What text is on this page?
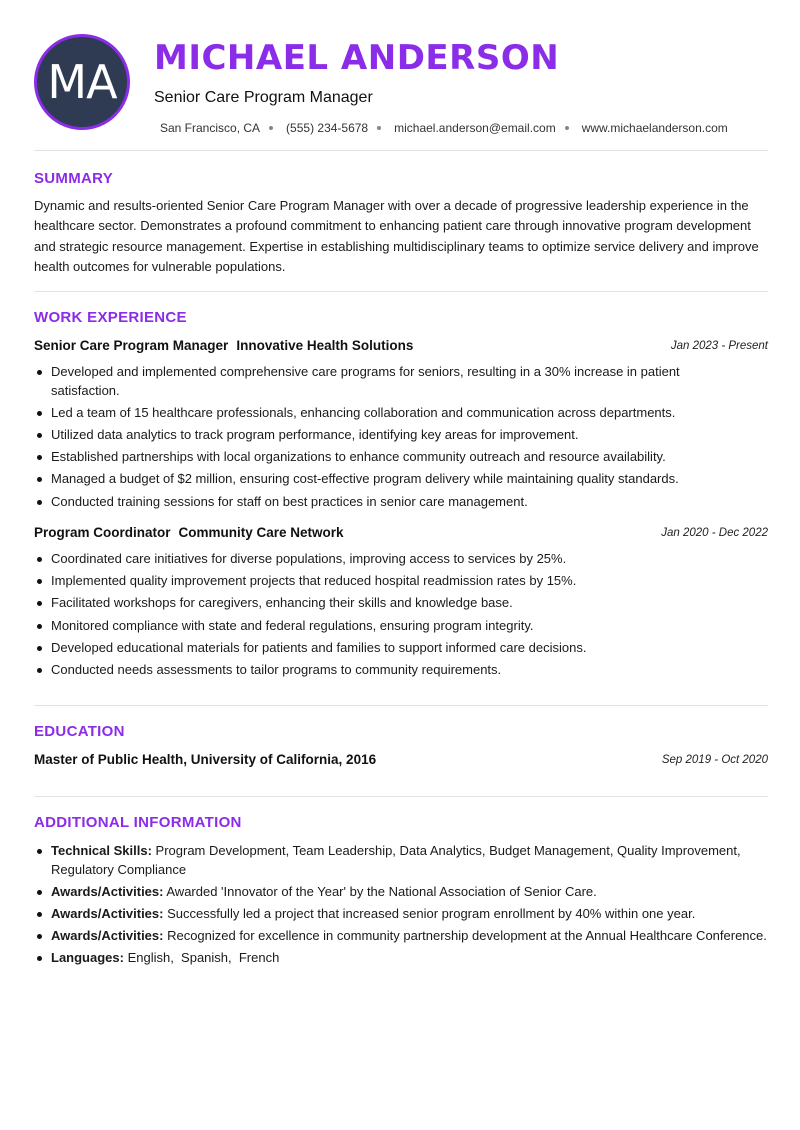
MA MICHAEL ANDERSON
Senior Care Program Manager
San Francisco, CA (555) 234-5678 michael.anderson@email.com www.michaelanderson.com
SUMMARY

Dynamic and results-oriented Senior Care Program Manager with over a decade of progressive leadership experience in the healthcare sector. Demonstrates a profound commitment to enhancing patient care through innovative program development and strategic resource management. Expertise in establishing multidisciplinary teams to optimize service delivery and improve health outcomes for vulnerable populations.

WORK EXPERIENCE
Senior Care Program Manager Innovative Health Solutions	Jan 2023 - Present
Developed and implemented comprehensive care programs for seniors, resulting in a 30% increase in patient satisfaction.
Led a team of 15 healthcare professionals, enhancing collaboration and communication across departments.
Utilized data analytics to track program performance, identifying key areas for improvement.
Established partnerships with local organizations to enhance community outreach and resource availability.
Managed a budget of $2 million, ensuring cost-effective program delivery while maintaining quality standards.
Conducted training sessions for staff on best practices in senior care management.
Program Coordinator Community Care Network	Jan 2020 - Dec 2022
Coordinated care initiatives for diverse populations, improving access to services by 25%.
Implemented quality improvement projects that reduced hospital readmission rates by 15%.
Facilitated workshops for caregivers, enhancing their skills and knowledge base.
Monitored compliance with state and federal regulations, ensuring program integrity.
Developed educational materials for patients and families to support informed care decisions.
Conducted needs assessments to tailor programs to community requirements.
EDUCATION
Master of Public Health, University of California, 2016	Sep 2019 - Oct 2020
ADDITIONAL INFORMATION
Technical Skills: Program Development, Team Leadership, Data Analytics, Budget Management, Quality Improvement, Regulatory Compliance
Awards/Activities: Awarded 'Innovator of the Year' by the National Association of Senior Care.
Awards/Activities: Successfully led a project that increased senior program enrollment by 40% within one year.
Awards/Activities: Recognized for excellence in community partnership development at the Annual Healthcare Conference.
Languages: English,  Spanish,  French
